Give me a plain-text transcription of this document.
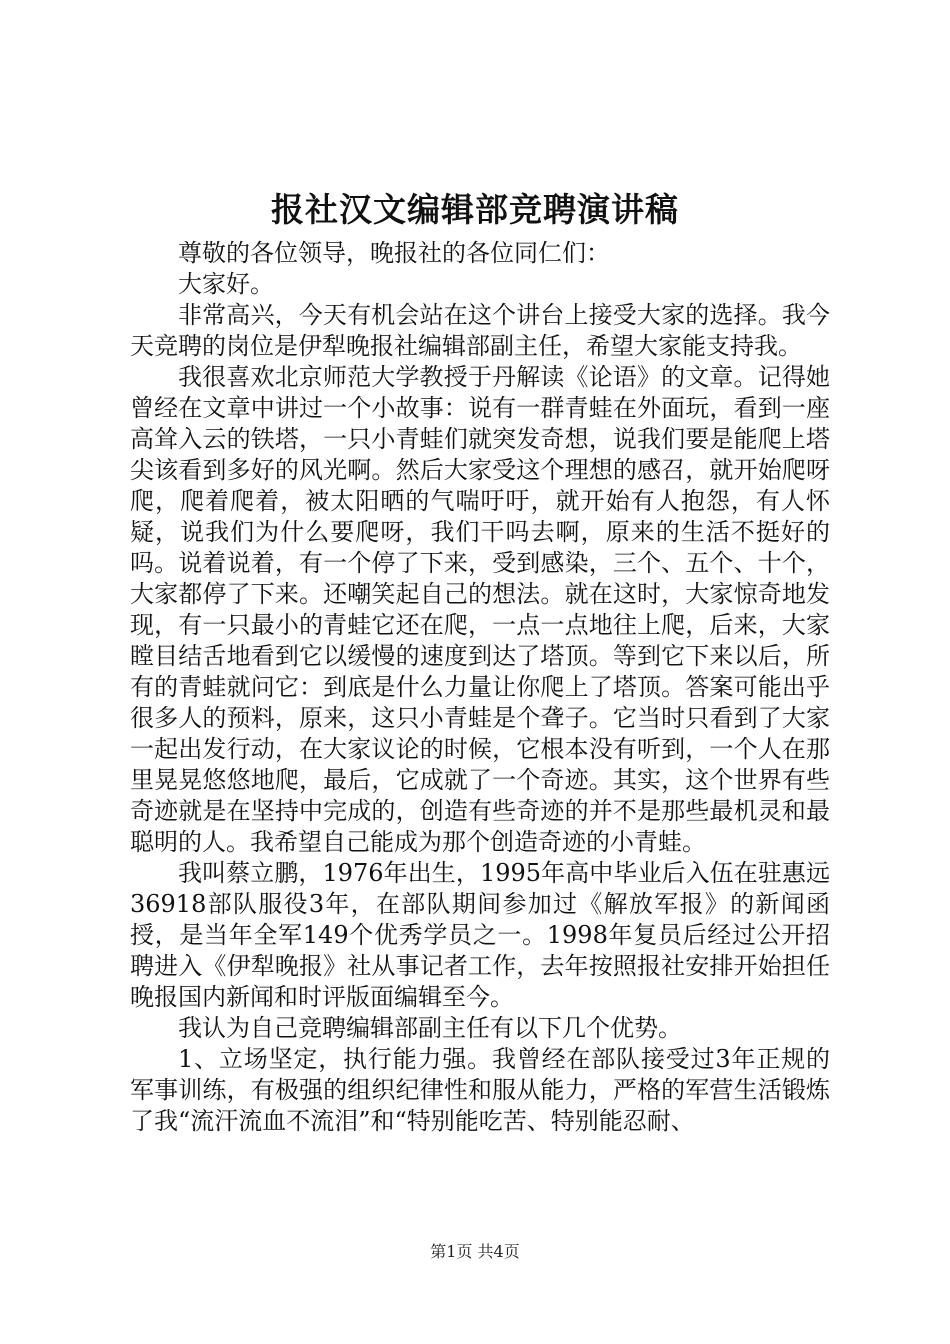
报社汉文编辑部竞聘演讲稿

尊敬的各位领导，晚报社的各位同仁们：

大家好。

非常高兴，今天有机会站在这个讲台上接受大家的选择。我今天竞聘的岗位是伊犁晚报社编辑部副主任，希望大家能支持我。

我很喜欢北京师范大学教授于丹解读《论语》的文章。记得她曾经在文章中讲过一个小故事：说有一群青蛙在外面玩，看到一座高耸入云的铁塔，一只小青蛙们就突发奇想，说我们要是能爬上塔尖该看到多好的风光啊。然后大家受这个理想的感召，就开始爬呀爬，爬着爬着，被太阳晒的气喘吁吁，就开始有人抱怨，有人怀疑，说我们为什么要爬呀，我们干吗去啊，原来的生活不挺好的吗。说着说着，有一个停了下来，受到感染，三个、五个、十个，大家都停了下来。还嘲笑起自己的想法。就在这时，大家惊奇地发现，有一只最小的青蛙它还在爬，一点一点地往上爬，后来，大家瞠目结舌地看到它以缓慢的速度到达了塔顶。等到它下来以后，所有的青蛙就问它：到底是什么力量让你爬上了塔顶。答案可能出乎很多人的预料，原来，这只小青蛙是个聋子。它当时只看到了大家一起出发行动，在大家议论的时候，它根本没有听到，一个人在那里晃晃悠悠地爬，最后，它成就了一个奇迹。其实，这个世界有些奇迹就是在坚持中完成的，创造有些奇迹的并不是那些最机灵和最聪明的人。我希望自己能成为那个创造奇迹的小青蛙。

我叫蔡立鹏，1976年出生，1995年高中毕业后入伍在驻惠远36918部队服役3年，在部队期间参加过《解放军报》的新闻函授，是当年全军149个优秀学员之一。1998年复员后经过公开招聘进入《伊犁晚报》社从事记者工作，去年按照报社安排开始担任晚报国内新闻和时评版面编辑至今。

我认为自己竞聘编辑部副主任有以下几个优势。

1、立场坚定，执行能力强。我曾经在部队接受过3年正规的军事训练，有极强的组织纪律性和服从能力，严格的军营生活锻炼了我“流汗流血不流泪”和“特别能吃苦、特别能忍耐、

第1页 共4页
